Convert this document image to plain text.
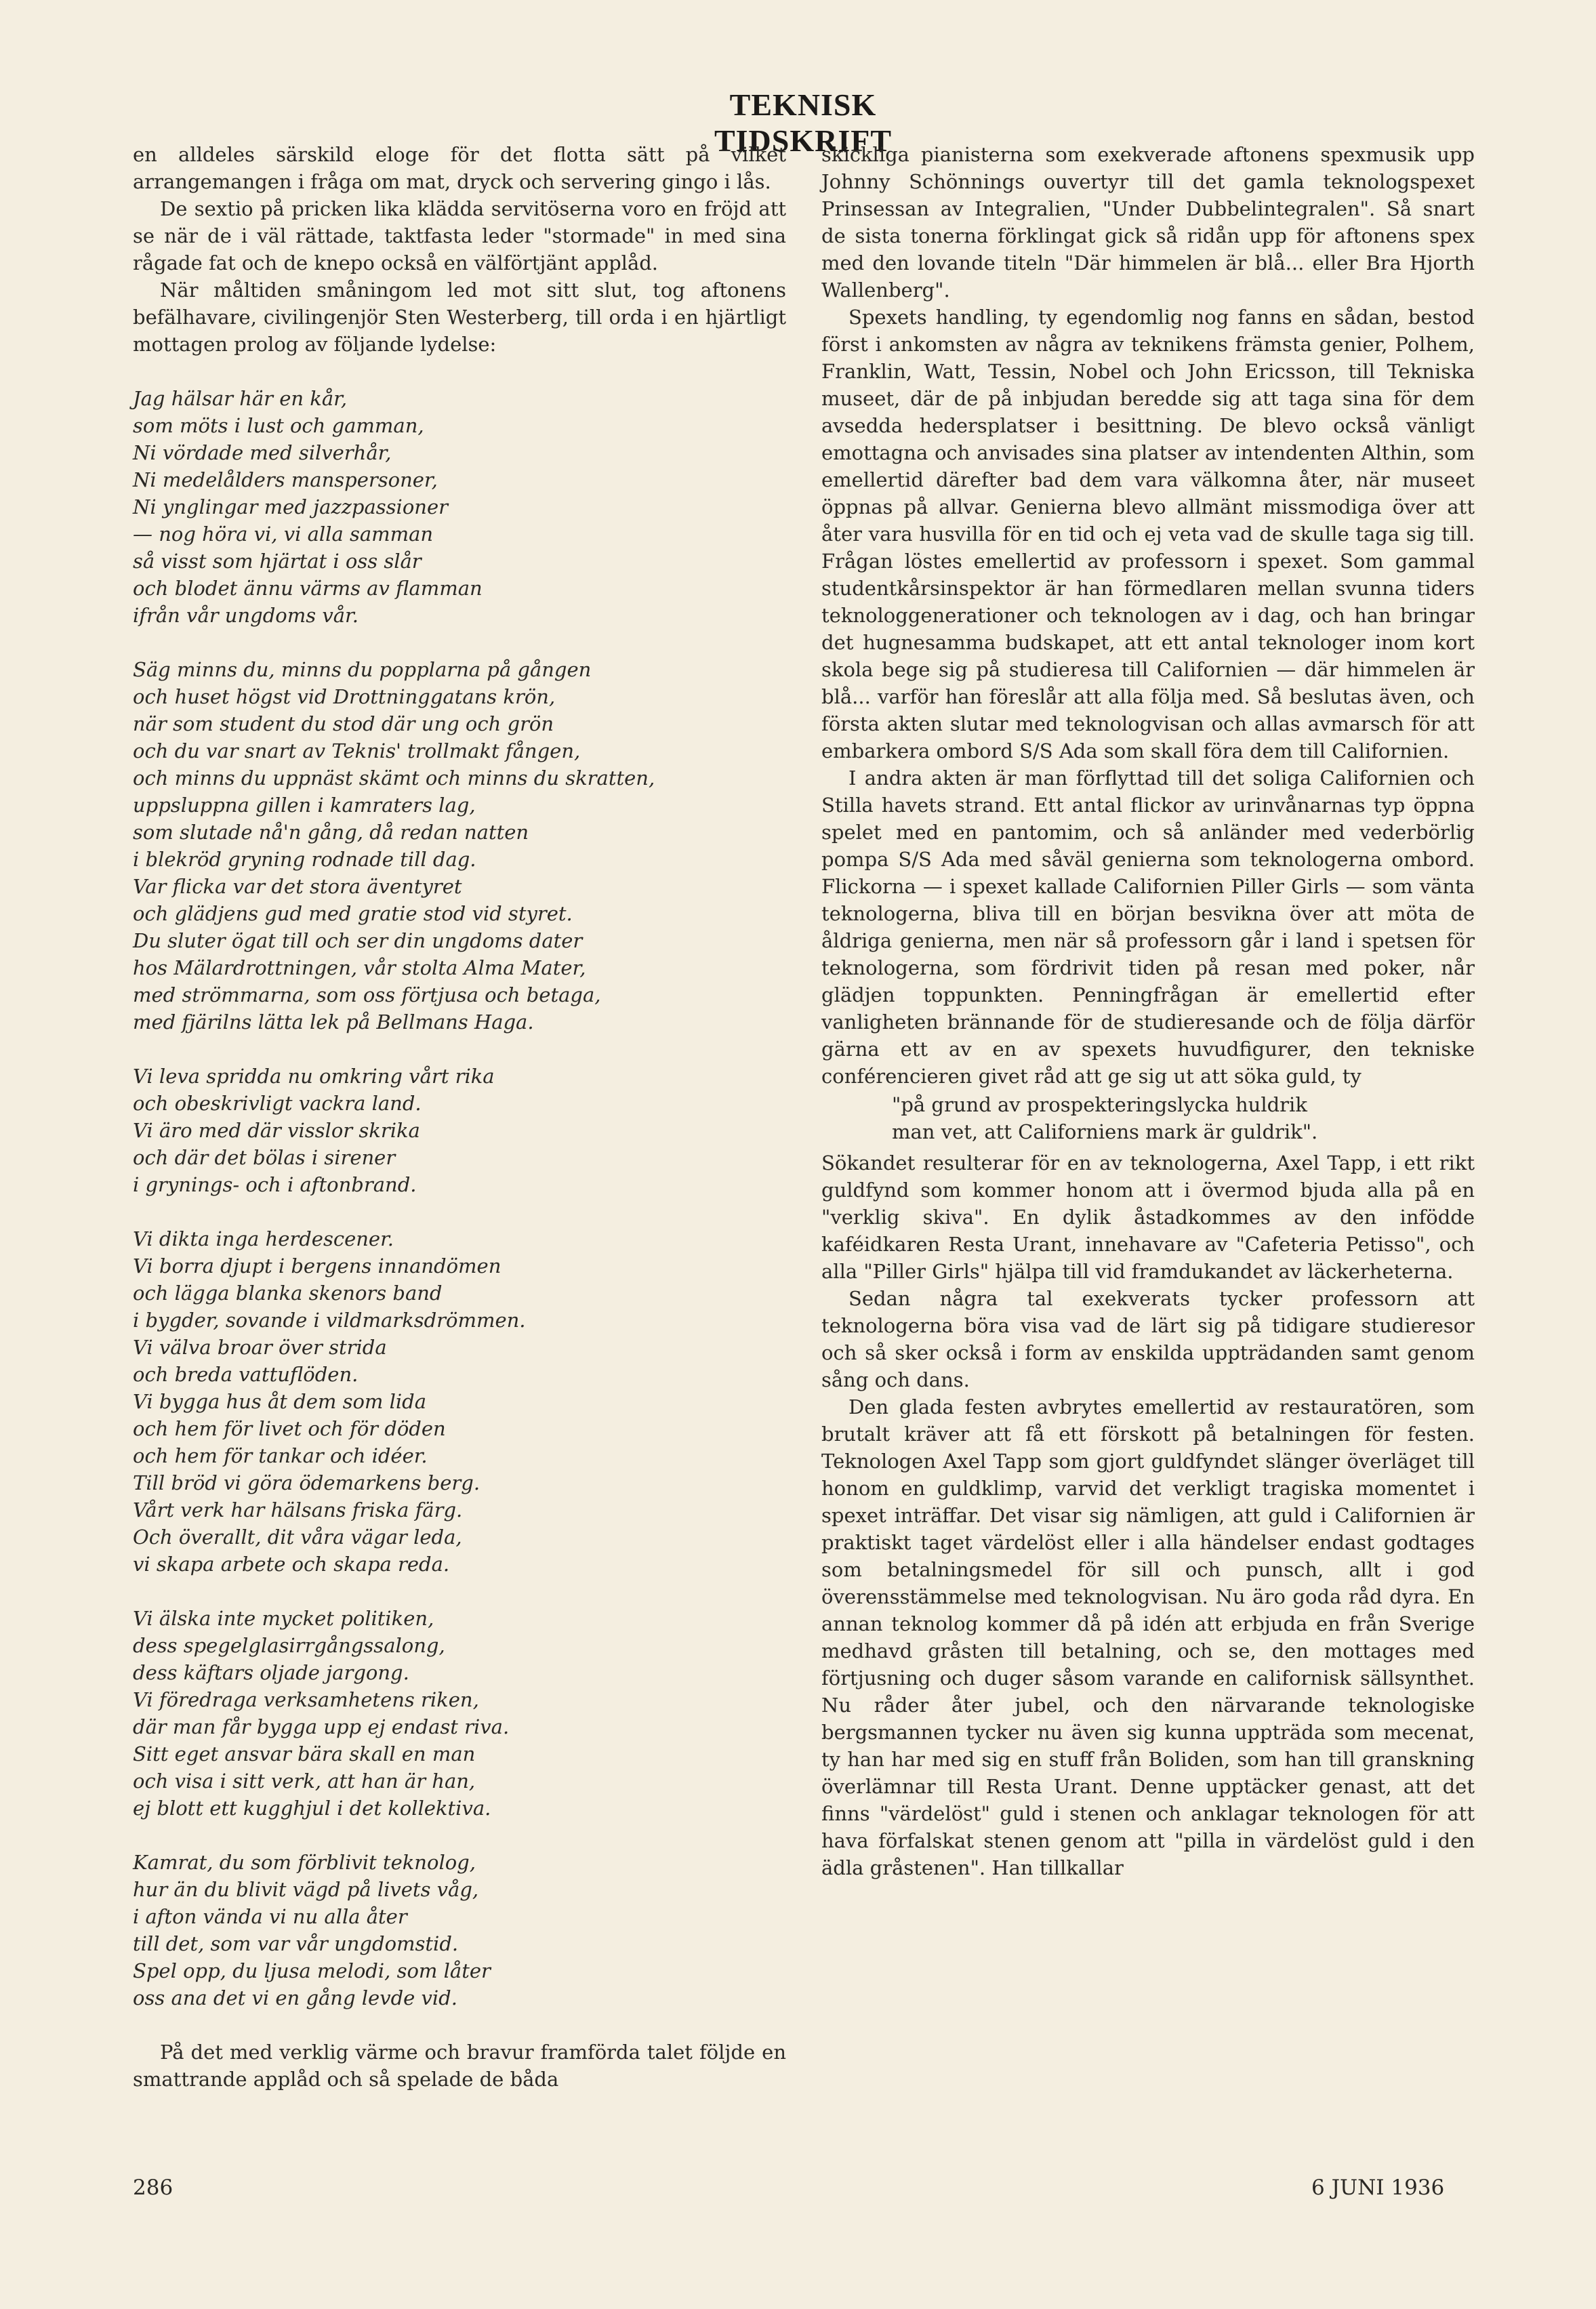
TEKNISK TIDSKRIFT

en alldeles särskild eloge för det flotta sätt på vilket arrangemangen i fråga om mat, dryck och servering gingo i lås.

De sextio på pricken lika klädda servitöserna voro en fröjd att se när de i väl rättade, taktfasta leder "stormade" in med sina rågade fat och de knepo också en välförtjänt applåd.

När måltiden småningom led mot sitt slut, tog aftonens befälhavare, civilingenjör Sten Westerberg, till orda i en hjärtligt mottagen prolog av följande lydelse:

Jag hälsar här en kår,
som möts i lust och gamman,
Ni vördade med silverhår,
Ni medelålders manspersoner,
Ni ynglingar med jazzpassioner
— nog höra vi, vi alla samman
så visst som hjärtat i oss slår
och blodet ännu värms av flamman
ifrån vår ungdoms vår.
Säg minns du, minns du popplarna på gången
och huset högst vid Drottninggatans krön,
när som student du stod där ung och grön
och du var snart av Teknis' trollmakt fången,
och minns du uppnäst skämt och minns du skratten,
uppsluppna gillen i kamraters lag,
som slutade nå'n gång, då redan natten
i blekröd gryning rodnade till dag.
Var flicka var det stora äventyret
och glädjens gud med gratie stod vid styret.
Du sluter ögat till och ser din ungdoms dater
hos Mälardrottningen, vår stolta Alma Mater,
med strömmarna, som oss förtjusa och betaga,
med fjärilns lätta lek på Bellmans Haga.
Vi leva spridda nu omkring vårt rika
och obeskrivligt vackra land.
Vi äro med där visslor skrika
och där det bölas i sirener
i grynings- och i aftonbrand.
Vi dikta inga herdescener.
Vi borra djupt i bergens innandömen
och lägga blanka skenors band
i bygder, sovande i vildmarksdrömmen.
Vi välva broar över strida
och breda vattuflöden.
Vi bygga hus åt dem som lida
och hem för livet och för döden
och hem för tankar och idéer.
Till bröd vi göra ödemarkens berg.
Vårt verk har hälsans friska färg.
Och överallt, dit våra vägar leda,
vi skapa arbete och skapa reda.
Vi älska inte mycket politiken,
dess spegelglasirrgångssalong,
dess käftars oljade jargong.
Vi föredraga verksamhetens riken,
där man får bygga upp ej endast riva.
Sitt eget ansvar bära skall en man
och visa i sitt verk, att han är han,
ej blott ett kugghjul i det kollektiva.
Kamrat, du som förblivit teknolog,
hur än du blivit vägd på livets våg,
i afton vända vi nu alla åter
till det, som var vår ungdomstid.
Spel opp, du ljusa melodi, som låter
oss ana det vi en gång levde vid.

På det med verklig värme och bravur framförda talet följde en smattrande applåd och så spelade de båda

skickliga pianisterna som exekverade aftonens spexmusik upp Johnny Schönnings ouvertyr till det gamla teknologspexet Prinsessan av Integralien, "Under Dubbelintegralen". Så snart de sista tonerna förklingat gick så ridån upp för aftonens spex med den lovande titeln "Där himmelen är blå... eller Bra Hjorth Wallenberg".

Spexets handling, ty egendomlig nog fanns en sådan, bestod först i ankomsten av några av teknikens främsta genier, Polhem, Franklin, Watt, Tessin, Nobel och John Ericsson, till Tekniska museet, där de på inbjudan beredde sig att taga sina för dem avsedda hedersplatser i besittning. De blevo också vänligt emottagna och anvisades sina platser av intendenten Althin, som emellertid därefter bad dem vara välkomna åter, när museet öppnas på allvar. Genierna blevo allmänt missmodiga över att åter vara husvilla för en tid och ej veta vad de skulle taga sig till. Frågan löstes emellertid av professorn i spexet. Som gammal studentkårsinspektor är han förmedlaren mellan svunna tiders teknologgenerationer och teknologen av i dag, och han bringar det hugnesamma budskapet, att ett antal teknologer inom kort skola bege sig på studieresa till Californien — där himmelen är blå... varför han föreslår att alla följa med. Så beslutas även, och första akten slutar med teknologvisan och allas avmarsch för att embarkera ombord S/S Ada som skall föra dem till Californien.

I andra akten är man förflyttad till det soliga Californien och Stilla havets strand. Ett antal flickor av urinvånarnas typ öppna spelet med en pantomim, och så anländer med vederbörlig pompa S/S Ada med såväl genierna som teknologerna ombord. Flickorna — i spexet kallade Californien Piller Girls — som vänta teknologerna, bliva till en början besvikna över att möta de åldriga genierna, men när så professorn går i land i spetsen för teknologerna, som fördrivit tiden på resan med poker, når glädjen toppunkten. Penningfrågan är emellertid efter vanligheten brännande för de studieresande och de följa därför gärna ett av en av spexets huvudfigurer, den tekniske conférencieren givet råd att ge sig ut att söka guld, ty

"på grund av prospekteringslycka huldrik
man vet, att Californiens mark är guldrik".

Sökandet resulterar för en av teknologerna, Axel Tapp, i ett rikt guldfynd som kommer honom att i övermod bjuda alla på en "verklig skiva". En dylik åstadkommes av den infödde kaféidkaren Resta Urant, innehavare av "Cafeteria Petisso", och alla "Piller Girls" hjälpa till vid framdukandet av läckerheterna.

Sedan några tal exekverats tycker professorn att teknologerna böra visa vad de lärt sig på tidigare studieresor och så sker också i form av enskilda uppträdanden samt genom sång och dans.

Den glada festen avbrytes emellertid av restauratören, som brutalt kräver att få ett förskott på betalningen för festen. Teknologen Axel Tapp som gjort guldfyndet slänger överläget till honom en guldklimp, varvid det verkligt tragiska momentet i spexet inträffar. Det visar sig nämligen, att guld i Californien är praktiskt taget värdelöst eller i alla händelser endast godtages som betalningsmedel för sill och punsch, allt i god överensstämmelse med teknologvisan. Nu äro goda råd dyra. En annan teknolog kommer då på idén att erbjuda en från Sverige medhavd gråsten till betalning, och se, den mottages med förtjusning och duger såsom varande en californisk sällsynthet. Nu råder åter jubel, och den närvarande teknologiske bergsmannen tycker nu även sig kunna uppträda som mecenat, ty han har med sig en stuff från Boliden, som han till granskning överlämnar till Resta Urant. Denne upptäcker genast, att det finns "värdelöst" guld i stenen och anklagar teknologen för att hava förfalskat stenen genom att "pilla in värdelöst guld i den ädla gråstenen". Han tillkallar

286	6 JUNI 1936
